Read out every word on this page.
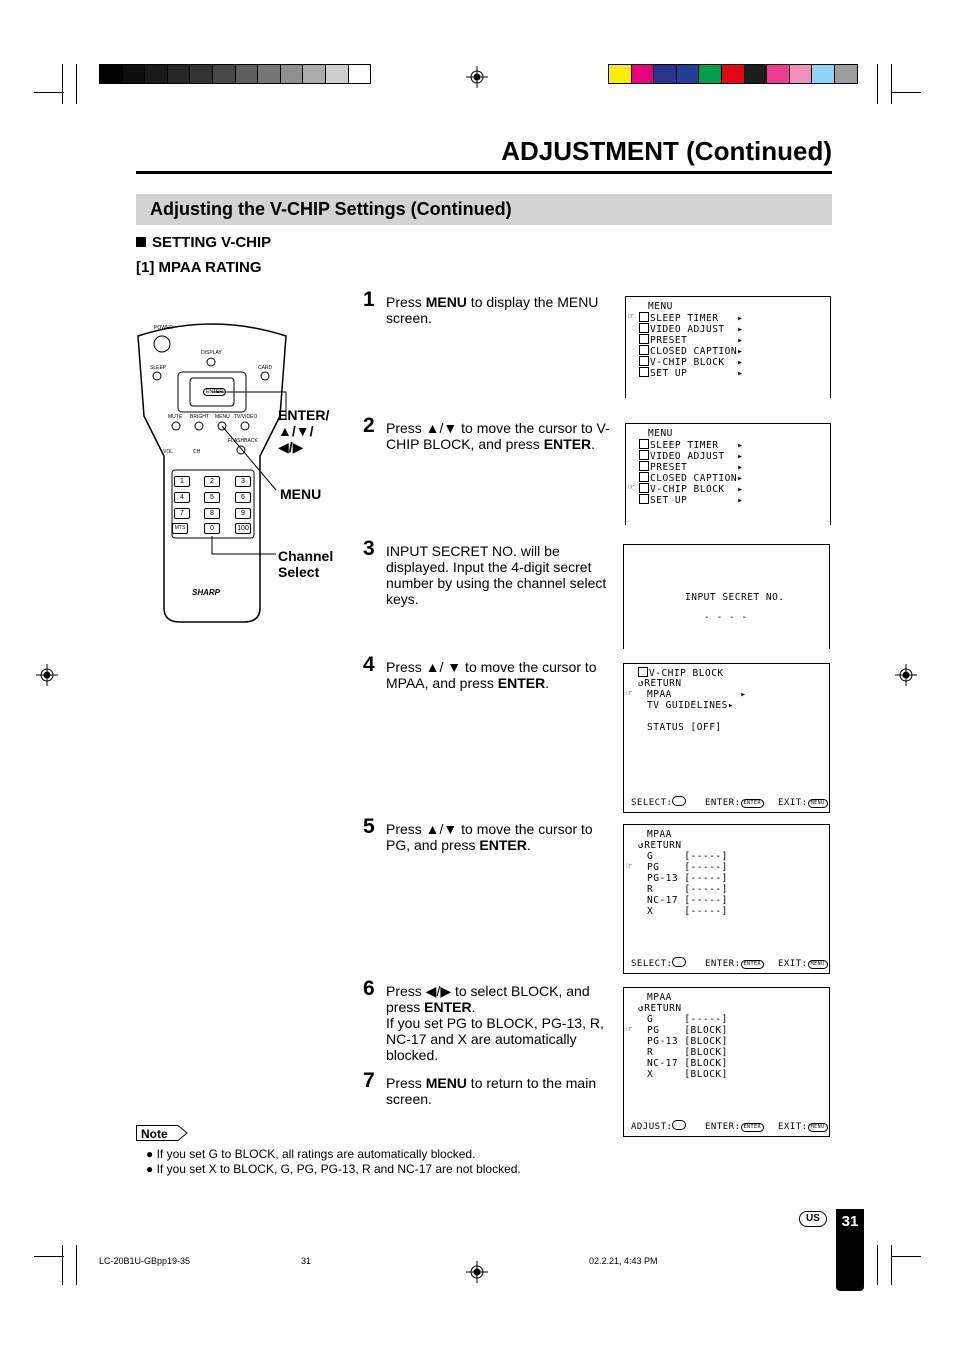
ADJUSTMENT (Continued)
Adjusting the V-CHIP Settings (Continued)
SETTING V-CHIP
[1] MPAA RATING
POWER
DISPLAY
SLEEP	CARD
ENTER
MUTE BRIGHT MENU TV/VIDEO
FLASHBACK
VOL	CH
1	2	3
4	5	6
7	8	9
0	100
MTS
SHARP
ENTER/
▲/▼/
◀/▶
MENU
Channel
Select
1 Press MENU to display the MENU screen.
2 Press ▲/▼ to move the cursor to V-CHIP BLOCK, and press ENTER.
3 INPUT SECRET NO. will be displayed. Input the 4-digit secret number by using the channel select keys.
4 Press ▲/ ▼ to move the cursor to MPAA, and press ENTER.
5 Press ▲/▼ to move the cursor to PG, and press ENTER.
6 Press ◀/▶ to select BLOCK, and press ENTER.
If you set PG to BLOCK, PG-13, R, NC-17 and X are automatically blocked.
7 Press MENU to return to the main screen.
MENU
SLEEP TIMER   ▸
VIDEO ADJUST  ▸
PRESET        ▸
CLOSED CAPTION▸
V-CHIP BLOCK  ▸
SET UP        ▸
☞
MENU
SLEEP TIMER   ▸
VIDEO ADJUST  ▸
PRESET        ▸
CLOSED CAPTION▸
V-CHIP BLOCK  ▸
SET UP        ▸
☞
INPUT SECRET NO.
- - - -
V-CHIP BLOCK
↺RETURN
MPAA           ▸
TV GUIDELINES▸
STATUS [OFF]
☞
SELECT:	ENTER: ENTER	EXIT: MENU
MPAA
↺RETURN
G     [-----]
PG    [-----]
PG-13 [-----]
R     [-----]
NC-17 [-----]
X     [-----]
☞
SELECT:	ENTER: ENTER	EXIT: MENU
MPAA
↺RETURN
G     [-----]
PG    [BLOCK]
PG-13 [BLOCK]
R     [BLOCK]
NC-17 [BLOCK]
X     [BLOCK]
☞
ADJUST:	ENTER: ENTER	EXIT: MENU
Note
● If you set G to BLOCK, all ratings are automatically blocked.
● If you set X to BLOCK, G, PG, PG-13, R and NC-17 are not blocked.
US	31
LC-20B1U-GBpp19-35	31	02.2.21, 4:43 PM
